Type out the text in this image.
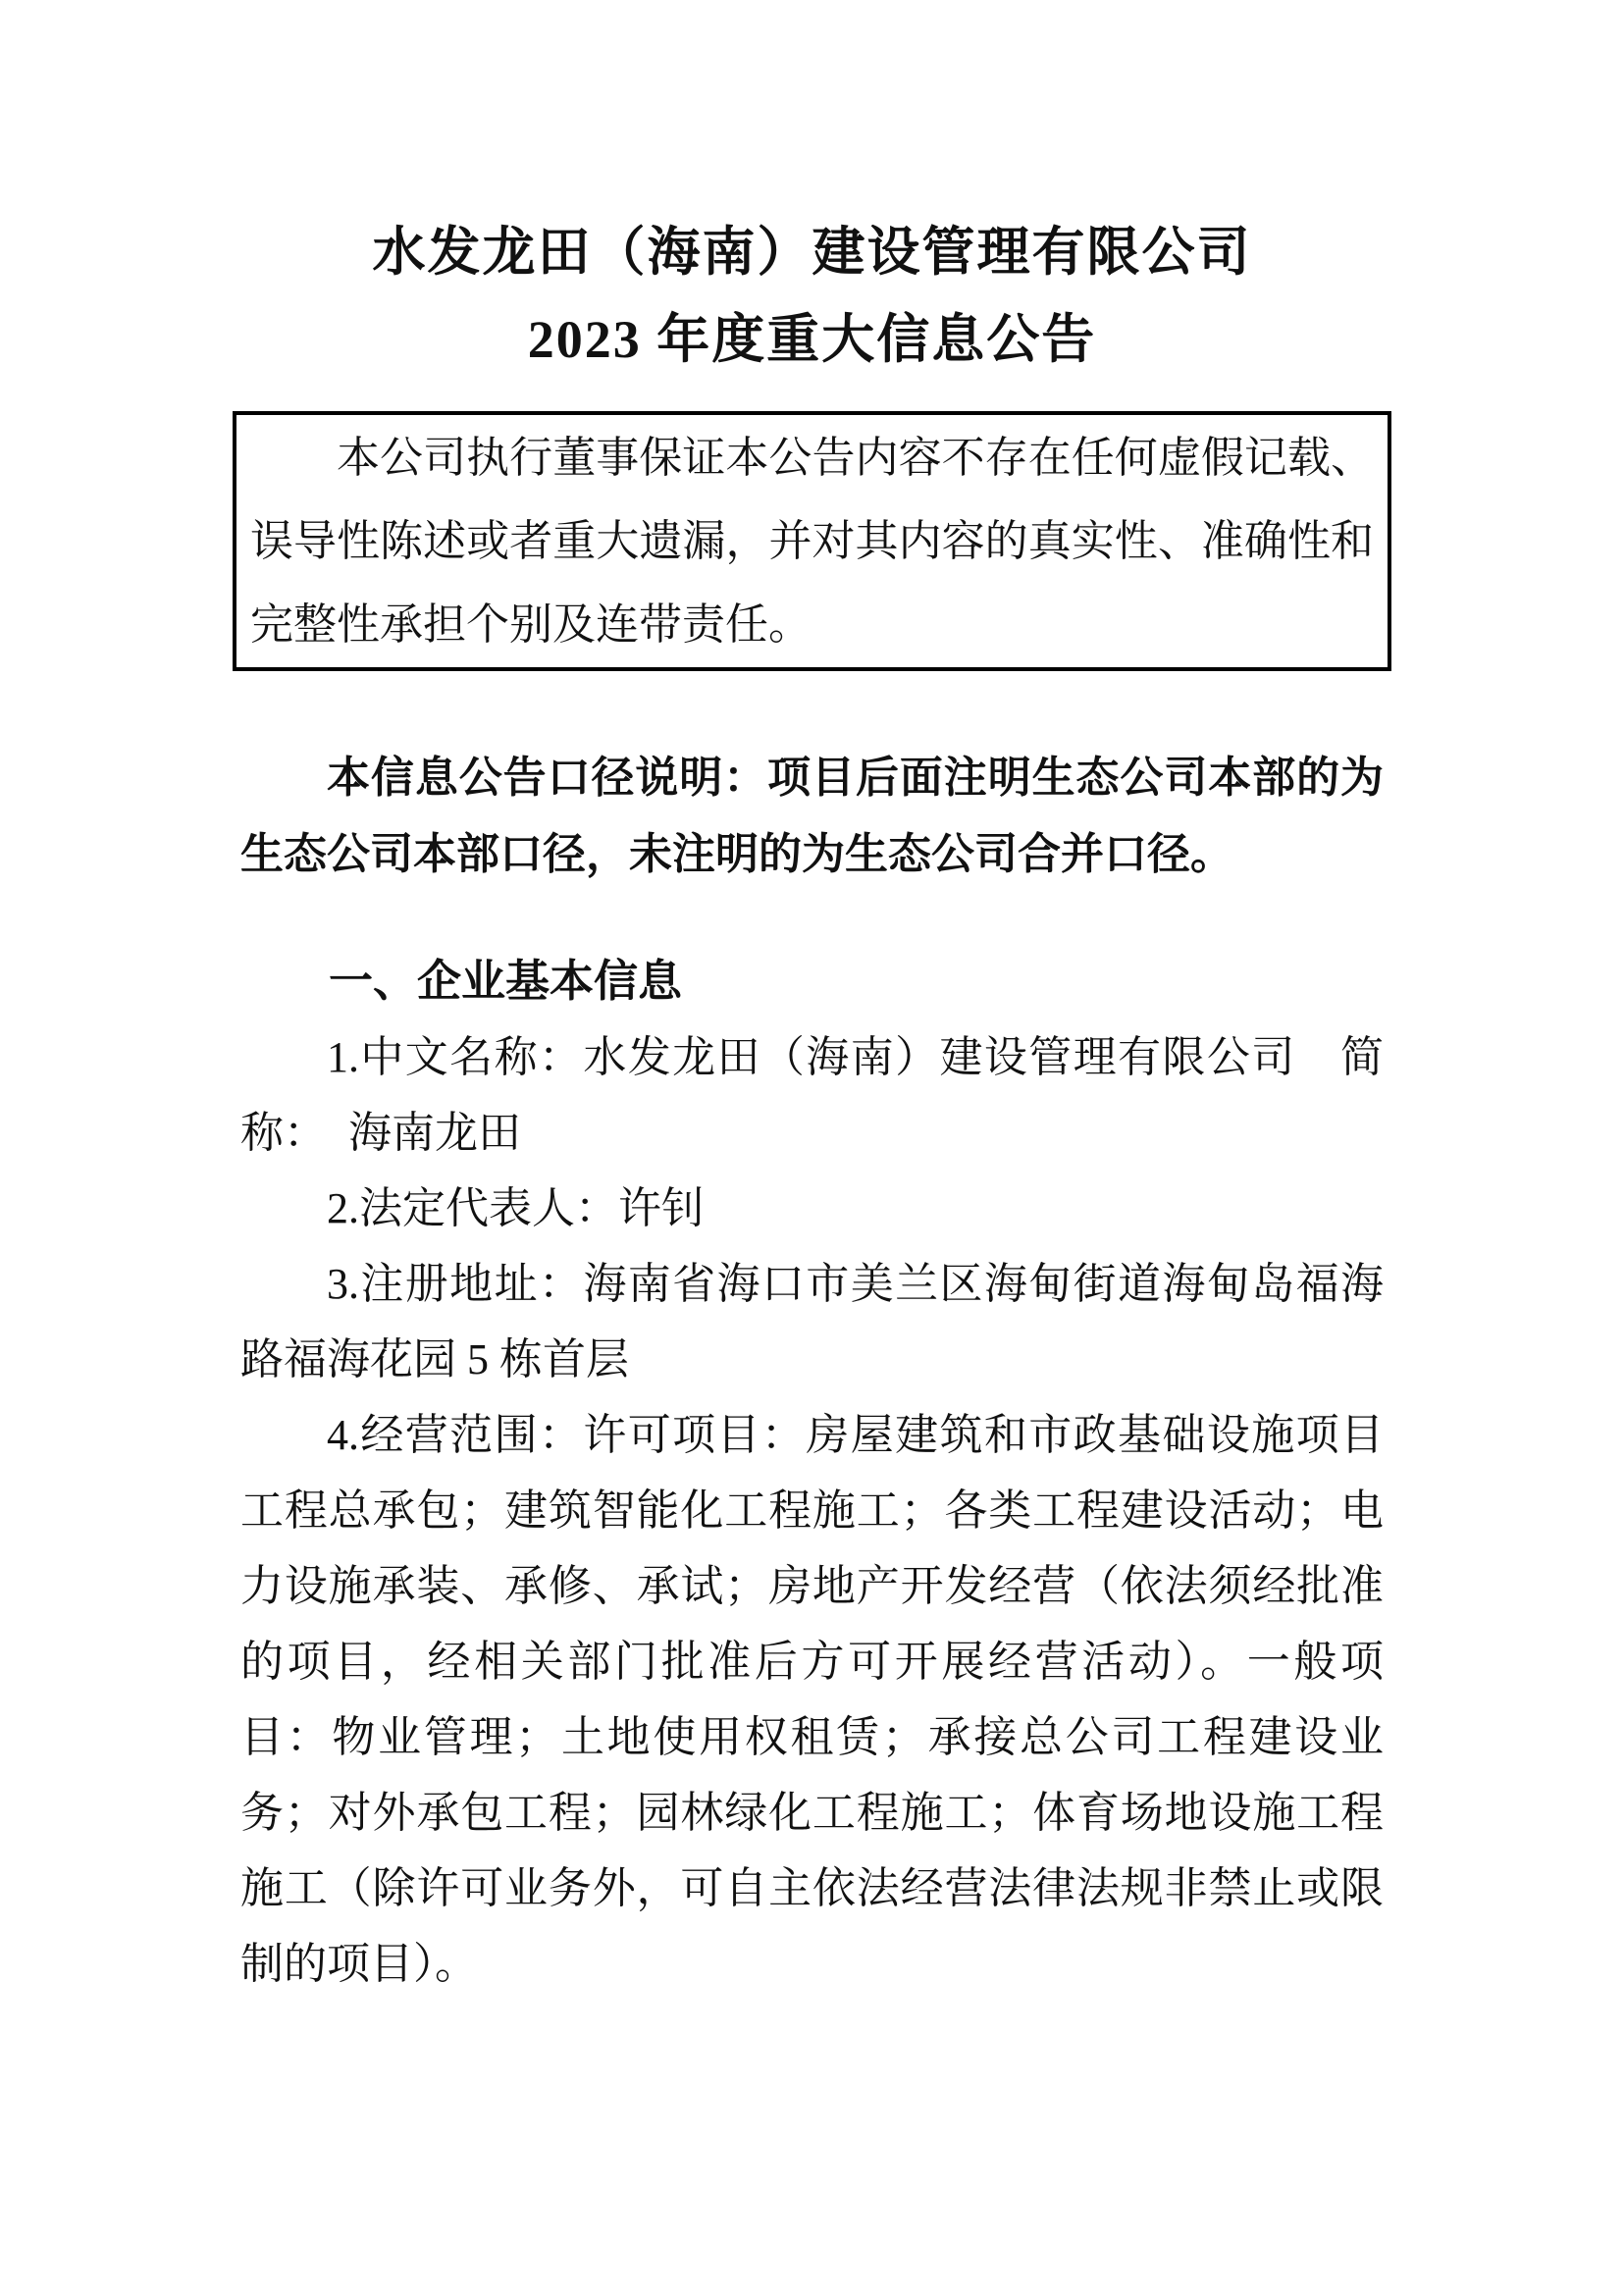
水发龙田（海南）建设管理有限公司
2023 年度重大信息公告

本公司执行董事保证本公告内容不存在任何虚假记载、误导性陈述或者重大遗漏，并对其内容的真实性、准确性和完整性承担个别及连带责任。

本信息公告口径说明：项目后面注明生态公司本部的为生态公司本部口径，未注明的为生态公司合并口径。

一、企业基本信息

1.中文名称：水发龙田（海南）建设管理有限公司　简称：　海南龙田

2.法定代表人：许钊

3.注册地址：海南省海口市美兰区海甸街道海甸岛福海路福海花园 5 栋首层

4.经营范围：许可项目：房屋建筑和市政基础设施项目工程总承包；建筑智能化工程施工；各类工程建设活动；电力设施承装、承修、承试；房地产开发经营（依法须经批准的项目，经相关部门批准后方可开展经营活动）。一般项目：物业管理；土地使用权租赁；承接总公司工程建设业务；对外承包工程；园林绿化工程施工；体育场地设施工程施工（除许可业务外，可自主依法经营法律法规非禁止或限制的项目）。
